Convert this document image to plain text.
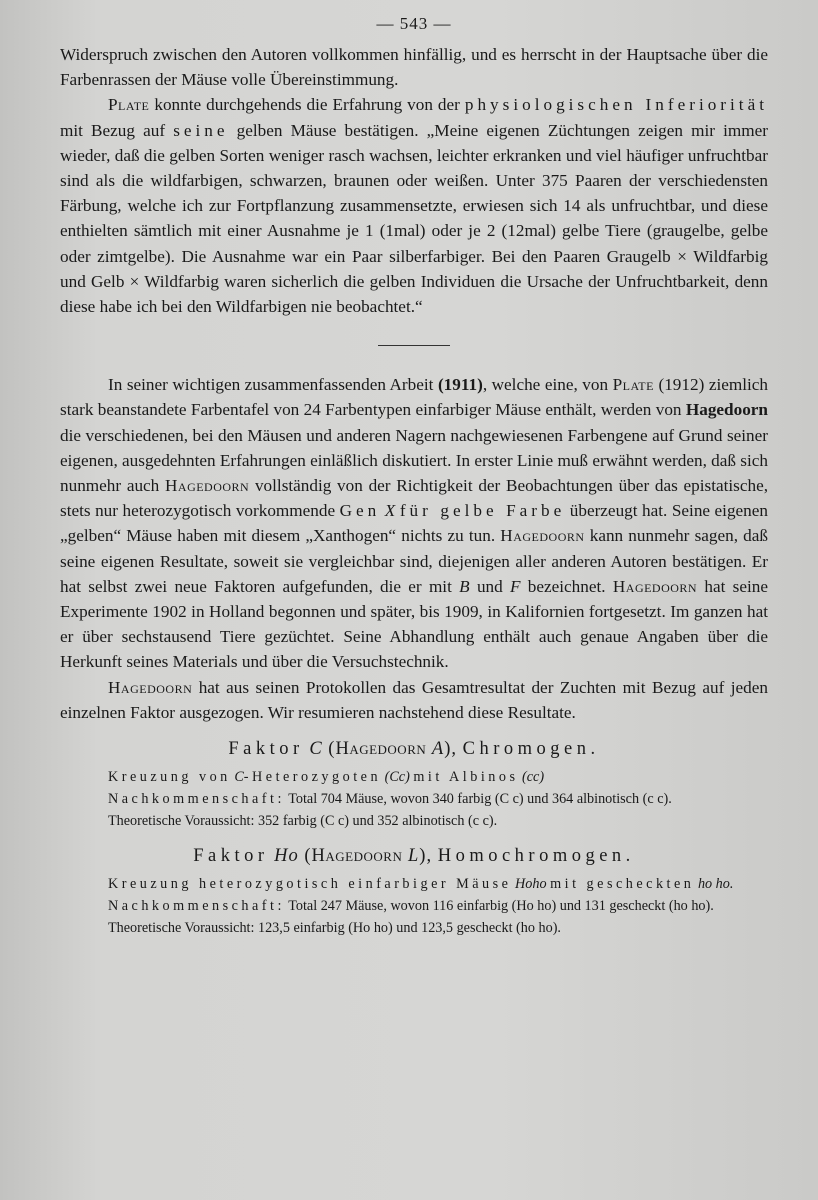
— 543 —

Widerspruch zwischen den Autoren vollkommen hinfällig, und es herrscht in der Hauptsache über die Farbenrassen der Mäuse volle Übereinstimmung.

Plate konnte durchgehends die Erfahrung von der physiologischen Inferiorität mit Bezug auf seine gelben Mäuse bestätigen. „Meine eigenen Züchtungen zeigen mir immer wieder, daß die gelben Sorten weniger rasch wachsen, leichter erkranken und viel häufiger unfruchtbar sind als die wildfarbigen, schwarzen, braunen oder weißen. Unter 375 Paaren der verschiedensten Färbung, welche ich zur Fortpflanzung zusammensetzte, erwiesen sich 14 als unfruchtbar, und diese enthielten sämtlich mit einer Ausnahme je 1 (1mal) oder je 2 (12mal) gelbe Tiere (graugelbe, gelbe oder zimtgelbe). Die Ausnahme war ein Paar silberfarbiger. Bei den Paaren Graugelb × Wildfarbig und Gelb × Wildfarbig waren sicherlich die gelben Individuen die Ursache der Unfruchtbarkeit, denn diese habe ich bei den Wildfarbigen nie beobachtet.“

In seiner wichtigen zusammenfassenden Arbeit (1911), welche eine, von Plate (1912) ziemlich stark beanstandete Farbentafel von 24 Farbentypen einfarbiger Mäuse enthält, werden von Hagedoorn die verschiedenen, bei den Mäusen und anderen Nagern nachgewiesenen Farbengene auf Grund seiner eigenen, ausgedehnten Erfahrungen einläßlich diskutiert. In erster Linie muß erwähnt werden, daß sich nunmehr auch Hagedoorn vollständig von der Richtigkeit der Beobachtungen über das epistatische, stets nur heterozygotisch vorkommende Gen X für gelbe Farbe überzeugt hat. Seine eigenen „gelben“ Mäuse haben mit diesem „Xanthogen“ nichts zu tun. Hagedoorn kann nunmehr sagen, daß seine eigenen Resultate, soweit sie vergleichbar sind, diejenigen aller anderen Autoren bestätigen. Er hat selbst zwei neue Faktoren aufgefunden, die er mit B und F bezeichnet. Hagedoorn hat seine Experimente 1902 in Holland begonnen und später, bis 1909, in Kalifornien fortgesetzt. Im ganzen hat er über sechstausend Tiere gezüchtet. Seine Abhandlung enthält auch genaue Angaben über die Herkunft seines Materials und über die Versuchstechnik.

Hagedoorn hat aus seinen Protokollen das Gesamtresultat der Zuchten mit Bezug auf jeden einzelnen Faktor ausgezogen. Wir resumieren nachstehend diese Resultate.

Faktor C (Hagedoorn A), Chromogen.

Kreuzung von C-Heterozygoten (Cc) mit Albinos (cc)

Nachkommenschaft: Total 704 Mäuse, wovon 340 farbig (C c) und 364 albinotisch (c c).

Theoretische Voraussicht: 352 farbig (C c) und 352 albinotisch (c c).

Faktor Ho (Hagedoorn L), Homochromogen.

Kreuzung heterozygotisch einfarbiger Mäuse Hoho mit gescheckten ho ho.

Nachkommenschaft: Total 247 Mäuse, wovon 116 einfarbig (Ho ho) und 131 gescheckt (ho ho).

Theoretische Voraussicht: 123,5 einfarbig (Ho ho) und 123,5 gescheckt (ho ho).
